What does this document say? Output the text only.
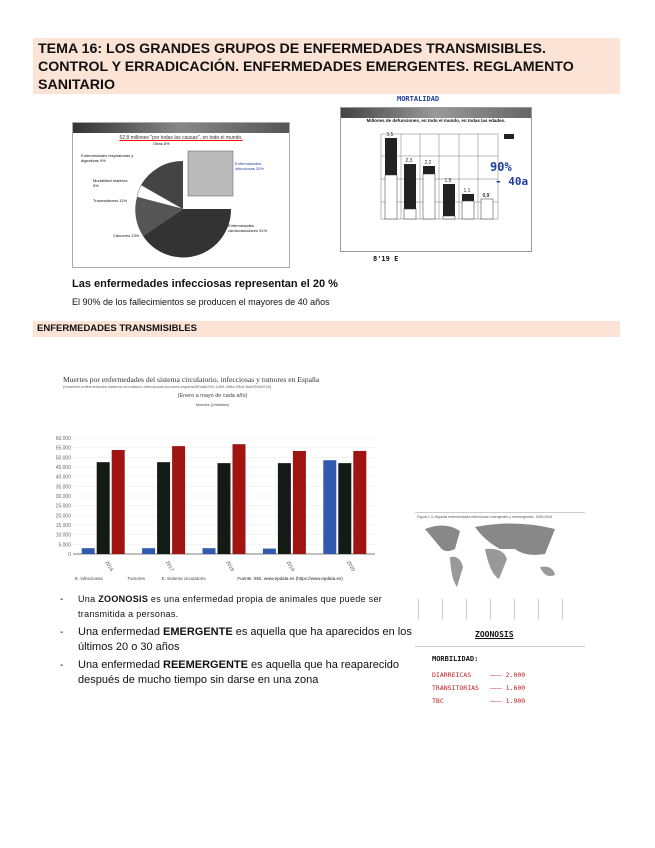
TEMA 16: LOS GRANDES GRUPOS DE ENFERMEDADES TRANSMISIBLES. CONTROL Y ERRADICACIÓN. ENFERMEDADES EMERGENTES. REGLAMENTO SANITARIO
52,8 millones "por todas las causas", en todo el mundo.
Otras 8%
Enfermedades respiratorias y digestivas 9%
Mortalidad materna 5%
Traumatismos 11%
Cánceres 13%
Enfermedades cardiovasculares 31%
Enfermedades infecciosas 20%
MORTALIDAD
Millones de defunciones, en todo el mundo, en todas las edades.
3,5
2,3	2,2
1,5
1,1
0,9
90%
- 40a
8'19 E
Las enfermedades infecciosas representan el 20 %
El 90% de los fallecimientos se producen el mayores de 40 años
ENFERMEDADES TRANSMISIBLES
Muertes por enfermedades del sistema circulatorio, infecciosas y tumores en España
(/muertes-enfermedades-sistema-circulatorio-infecciosas-tumores-espana/3f0da0254-1489-458d-93c8-8da353dd7c0)
(Enero a mayo de cada año)
Muertes (Unidades)
0
5.000
10.000
15.000
20.000
25.000
30.000
35.000
40.000
45.000
50.000
55.000
60.000
2016	2017	2018	2019	2020
E. infecciosas	Tumores	E. sistema circulatorio	Fuente: INE, www.epdata.es (https://www.epdata.es)
- Una ZOONOSIS es una enfermedad propia de animales que puede ser transmitida a personas.
- Una enfermedad EMERGENTE es aquella que ha aparecidos en los últimos 20 o 30 años
- Una enfermedad REEMERGENTE es aquella que ha reaparecido después de mucho tiempo sin darse en una zona
Figura 1.4: Algunas enfermedades infecciosas emergentes y reemergentes, 1996-2004
ZOONOSIS
MORBILIDAD:
DIARREICAS	——— 2.000
TRANSITORIAS ——— 1.600
TBC	——— 1.900
